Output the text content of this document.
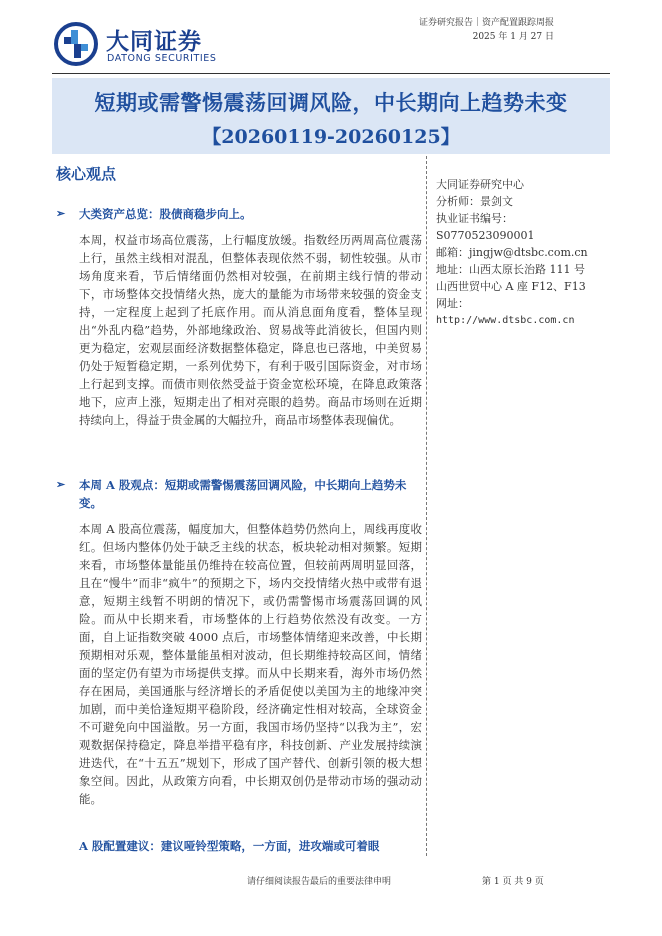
大同证券
DATONG SECURITIES
证券研究报告｜资产配置跟踪周报
2025 年 1 月 27 日
短期或需警惕震荡回调风险，中长期向上趋势未变
【20260119-20260125】
核心观点
➢	大类资产总览：股债商稳步向上。
本周，权益市场高位震荡，上行幅度放缓。指数经历两周高位震荡上行，虽然主线相对混乱，但整体表现依然不弱，韧性较强。从市场角度来看，节后情绪面仍然相对较强，在前期主线行情的带动下，市场整体交投情绪火热，庞大的量能为市场带来较强的资金支持，一定程度上起到了托底作用。而从消息面角度看，整体呈现出“外乱内稳”趋势，外部地缘政治、贸易战等此消彼长，但国内则更为稳定，宏观层面经济数据整体稳定，降息也已落地，中美贸易仍处于短暂稳定期，一系列优势下，有利于吸引国际资金，对市场上行起到支撑。而债市则依然受益于资金宽松环境，在降息政策落地下，应声上涨，短期走出了相对亮眼的趋势。商品市场则在近期持续向上，得益于贵金属的大幅拉升，商品市场整体表现偏优。
➢	本周 A 股观点：短期或需警惕震荡回调风险，中长期向上趋势未变。
本周 A 股高位震荡，幅度加大，但整体趋势仍然向上，周线再度收红。但场内整体仍处于缺乏主线的状态，板块轮动相对频繁。短期来看，市场整体量能虽仍维持在较高位置，但较前两周明显回落，且在“慢牛”而非“疯牛”的预期之下，场内交投情绪火热中或带有退意，短期主线暂不明朗的情况下，或仍需警惕市场震荡回调的风险。而从中长期来看，市场整体的上行趋势依然没有改变。一方面，自上证指数突破 4000 点后，市场整体情绪迎来改善，中长期预期相对乐观，整体量能虽相对波动，但长期维持较高区间，情绪面的坚定仍有望为市场提供支撑。而从中长期来看，海外市场仍然存在困局，美国通胀与经济增长的矛盾促使以美国为主的地缘冲突加剧，而中美恰逢短期平稳阶段，经济确定性相对较高，全球资金不可避免向中国溢散。另一方面，我国市场仍坚持“以我为主”，宏观数据保持稳定，降息举措平稳有序，科技创新、产业发展持续演进迭代，在“十五五”规划下，形成了国产替代、创新引领的极大想象空间。因此，从政策方向看，中长期双创仍是带动市场的强动动能。
A 股配置建议：建议哑铃型策略，一方面，进攻端或可着眼
大同证券研究中心
分析师：景剑文
执业证书编号：
S0770523090001
邮箱：jingjw@dtsbc.com.cn
地址：山西太原长治路 111 号
山西世贸中心 A 座 F12、F13
网址：
http://www.dtsbc.com.cn
请仔细阅读报告最后的重要法律申明	第 1 页 共 9 页
